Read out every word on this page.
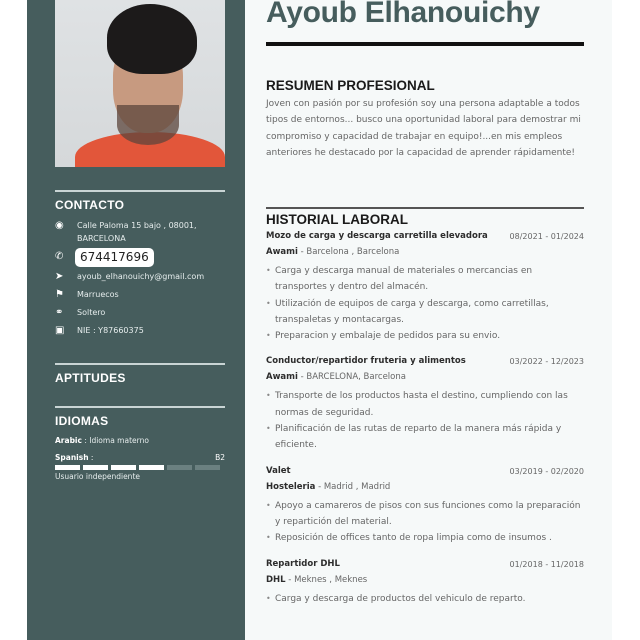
CONTACTO
◉	Calle Paloma 15 bajo , 08001,
BARCELONA
✆	674417696
➤	ayoub_elhanouichy@gmail.com
⚑	Marruecos
⚭	Soltero
▣	NIE : Y87660375
APTITUDES
IDIOMAS
Arabic : Idioma materno
Spanish :	B2
Usuario independiente
Ayoub Elhanouichy
RESUMEN PROFESIONAL

Joven con pasión por su profesión soy una persona adaptable a todos tipos de entornos... busco una oportunidad laboral para demostrar mi compromiso y capacidad de trabajar en equipo!...en mis empleos anteriores he destacado por la capacidad de aprender rápidamente!

HISTORIAL LABORAL
Mozo de carga y descarga carretilla elevadora	08/2021 - 01/2024
Awami - Barcelona , Barcelona
• Carga y descarga manual de materiales o mercancias en transportes y dentro del almacén.
• Utilización de equipos de carga y descarga, como carretillas, transpaletas y montacargas.
• Preparacion y embalaje de pedidos para su envio.
Conductor/repartidor fruteria y alimentos	03/2022 - 12/2023
Awami - BARCELONA, Barcelona
• Transporte de los productos hasta el destino, cumpliendo con las normas de seguridad.
• Planificación de las rutas de reparto de la manera más rápida y eficiente.
Valet	03/2019 - 02/2020
Hosteleria - Madrid , Madrid
• Apoyo a camareros de pisos con sus funciones como la preparación y repartición del material.
• Reposición de offices tanto de ropa limpia como de insumos .
Repartidor DHL	01/2018 - 11/2018
DHL - Meknes , Meknes
• Carga y descarga de productos del vehiculo de reparto.
